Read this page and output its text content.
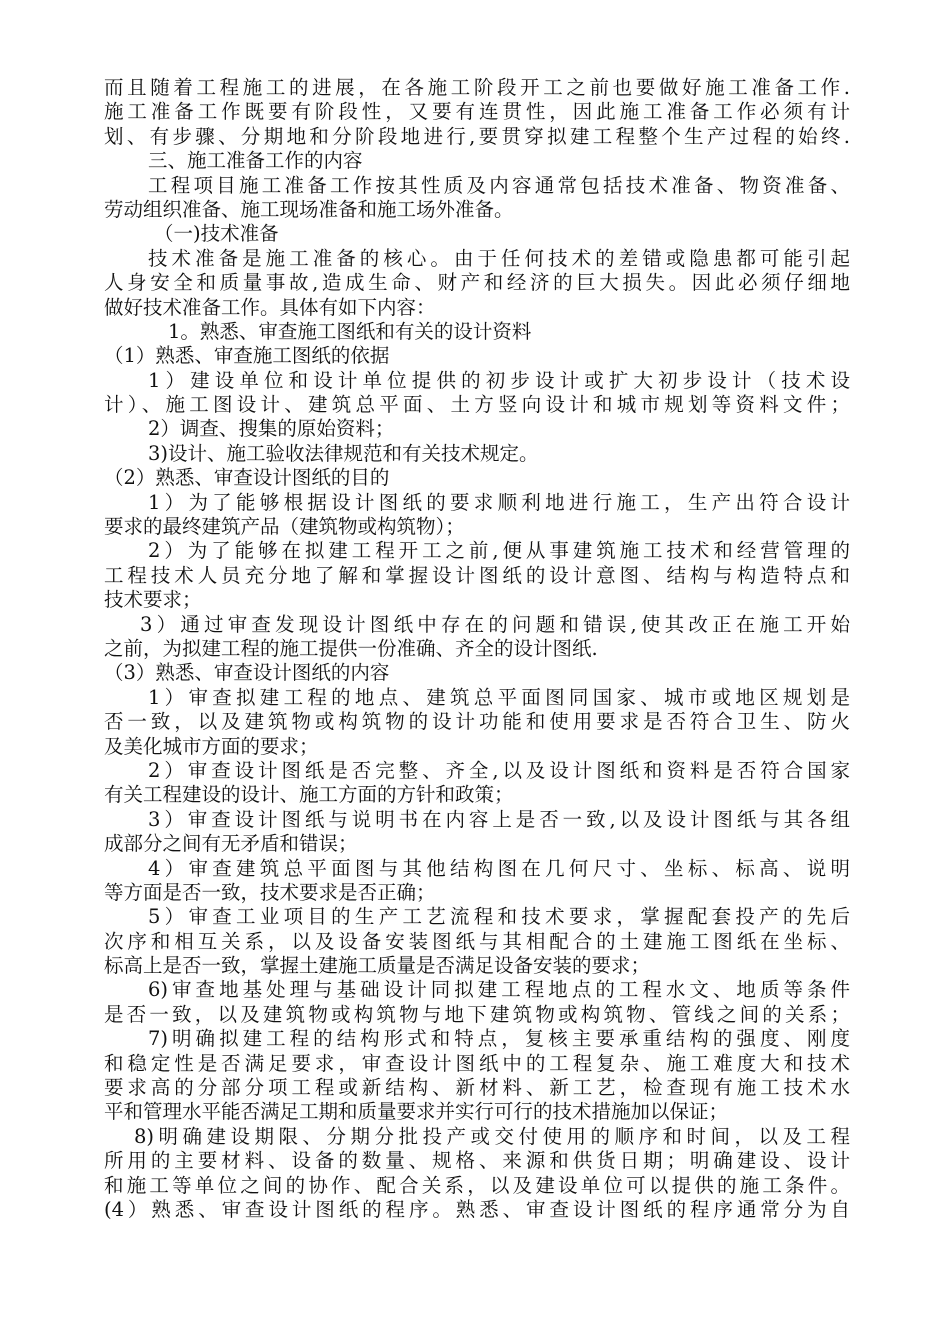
而且随着工程施工的进展，在各施工阶段开工之前也要做好施工准备工作.
施工准备工作既要有阶段性，又要有连贯性，因此施工准备工作必须有计
划、有步骤、分期地和分阶段地进行,要贯穿拟建工程整个生产过程的始终.
三、施工准备工作的内容
工程项目施工准备工作按其性质及内容通常包括技术准备、物资准备、
劳动组织准备、施工现场准备和施工场外准备。
（一)技术准备
技术准备是施工准备的核心。由于任何技术的差错或隐患都可能引起
人身安全和质量事故,造成生命、财产和经济的巨大损失。因此必须仔细地
做好技术准备工作。具体有如下内容：
1。熟悉、审查施工图纸和有关的设计资料
（1）熟悉、审查施工图纸的依据
1）建设单位和设计单位提供的初步设计或扩大初步设计（技术设
计）、施工图设计、建筑总平面、土方竖向设计和城市规划等资料文件；
2）调查、搜集的原始资料；
3)设计、施工验收法律规范和有关技术规定。
（2）熟悉、审查设计图纸的目的
1）为了能够根据设计图纸的要求顺利地进行施工，生产出符合设计
要求的最终建筑产品（建筑物或构筑物）；
2）为了能够在拟建工程开工之前,便从事建筑施工技术和经营管理的
工程技术人员充分地了解和掌握设计图纸的设计意图、结构与构造特点和
技术要求；
3）通过审查发现设计图纸中存在的问题和错误,使其改正在施工开始
之前，为拟建工程的施工提供一份准确、齐全的设计图纸.
（3）熟悉、审查设计图纸的内容
1）审查拟建工程的地点、建筑总平面图同国家、城市或地区规划是
否一致，以及建筑物或构筑物的设计功能和使用要求是否符合卫生、防火
及美化城市方面的要求；
2）审查设计图纸是否完整、齐全,以及设计图纸和资料是否符合国家
有关工程建设的设计、施工方面的方针和政策；
3）审查设计图纸与说明书在内容上是否一致,以及设计图纸与其各组
成部分之间有无矛盾和错误；
4）审查建筑总平面图与其他结构图在几何尺寸、坐标、标高、说明
等方面是否一致，技术要求是否正确；
5）审查工业项目的生产工艺流程和技术要求，掌握配套投产的先后
次序和相互关系，以及设备安装图纸与其相配合的土建施工图纸在坐标、
标高上是否一致，掌握土建施工质量是否满足设备安装的要求；
6)审查地基处理与基础设计同拟建工程地点的工程水文、地质等条件
是否一致，以及建筑物或构筑物与地下建筑物或构筑物、管线之间的关系；
7)明确拟建工程的结构形式和特点，复核主要承重结构的强度、刚度
和稳定性是否满足要求，审查设计图纸中的工程复杂、施工难度大和技术
要求高的分部分项工程或新结构、新材料、新工艺，检查现有施工技术水
平和管理水平能否满足工期和质量要求并实行可行的技术措施加以保证；
8)明确建设期限、分期分批投产或交付使用的顺序和时间，以及工程
所用的主要材料、设备的数量、规格、来源和供货日期；明确建设、设计
和施工等单位之间的协作、配合关系，以及建设单位可以提供的施工条件。
(4）熟悉、审查设计图纸的程序。熟悉、审查设计图纸的程序通常分为自
